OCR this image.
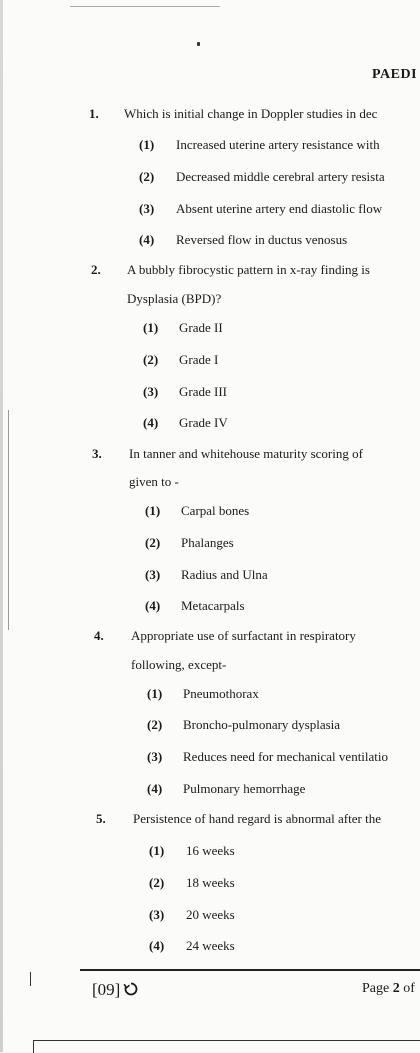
PAEDI
1. Which is initial change in Doppler studies in dec
(1) Increased uterine artery resistance with
(2) Decreased middle cerebral artery resista
(3) Absent uterine artery end diastolic flow
(4) Reversed flow in ductus venosus
2. A bubbly fibrocystic pattern in x-ray finding is
Dysplasia (BPD)?
(1) Grade II
(2) Grade I
(3) Grade III
(4) Grade IV
3. In tanner and whitehouse maturity scoring of
given to -
(1) Carpal bones
(2) Phalanges
(3) Radius and Ulna
(4) Metacarpals
4. Appropriate use of surfactant in respiratory
following, except-
(1) Pneumothorax
(2) Broncho-pulmonary dysplasia
(3) Reduces need for mechanical ventilatio
(4) Pulmonary hemorrhage
5. Persistence of hand regard is abnormal after the
(1) 16 weeks
(2) 18 weeks
(3) 20 weeks
(4) 24 weeks
[09]	Page 2 of
